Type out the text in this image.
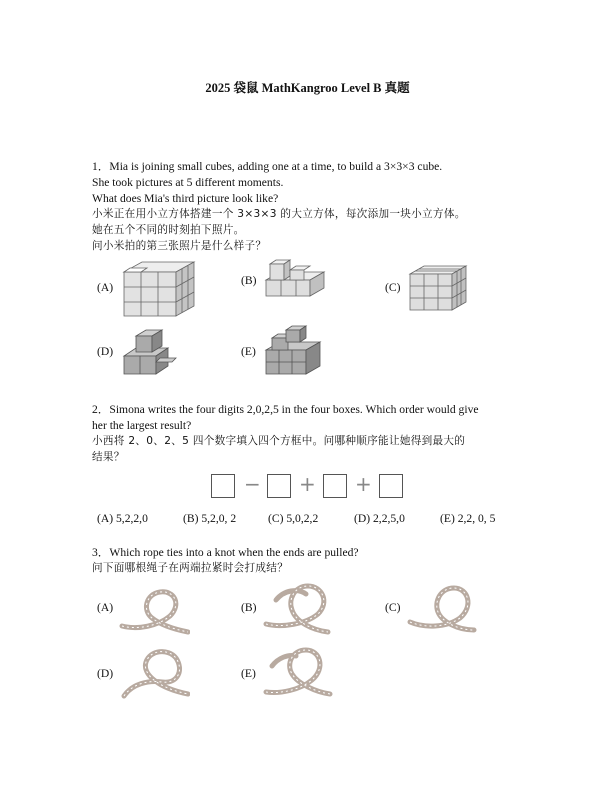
2025 袋鼠 MathKangroo Level B 真题
1．Mia is joining small cubes, adding one at a time, to build a 3×3×3 cube.
She took pictures at 5 different moments.
What does Mia's third picture look like?
小米正在用小立方体搭建一个 3×3×3 的大立方体，每次添加一块小立方体。
她在五个不同的时刻拍下照片。
问小米拍的第三张照片是什么样子？
(A)
(B)
(C)
(D)	(E)
2．Simona writes the four digits 2,0,2,5 in the four boxes. Which order would give
her the largest result?
小西将 2、0、2、5 四个数字填入四个方框中。问哪种顺序能让她得到最大的
结果？
− + +
(A) 5,2,2,0	(B) 5,2,0, 2	(C) 5,0,2,2	(D) 2,2,5,0	(E) 2,2, 0, 5
3．Which rope ties into a knot when the ends are pulled?
问下面哪根绳子在两端拉紧时会打成结？
(A)	(B)	(C)
(D)	(E)
